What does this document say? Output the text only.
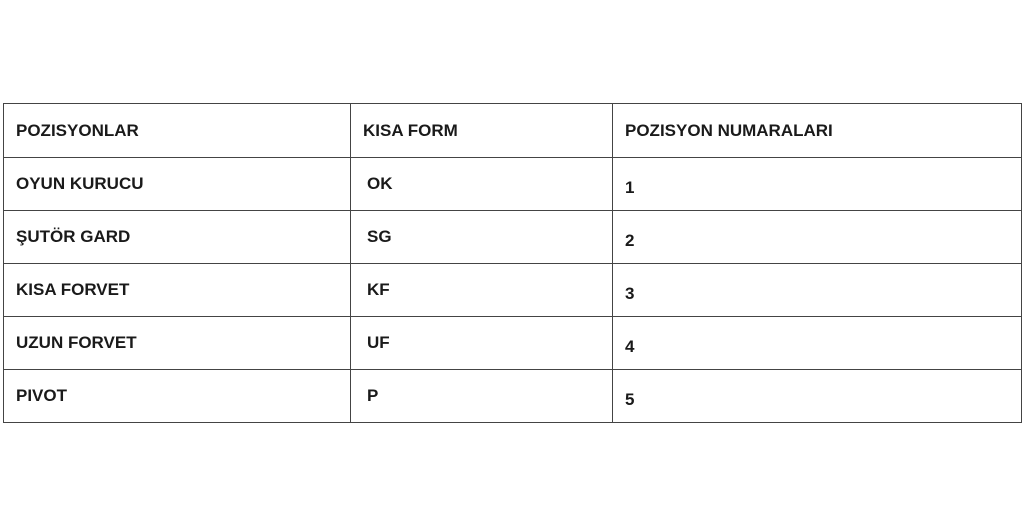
POZISYONLAR	KISA FORM	POZISYON NUMARALARI
OYUN KURUCU	OK	1
ŞUTÖR GARD	SG	2
KISA FORVET	KF	3
UZUN FORVET	UF	4
PIVOT	P	5
